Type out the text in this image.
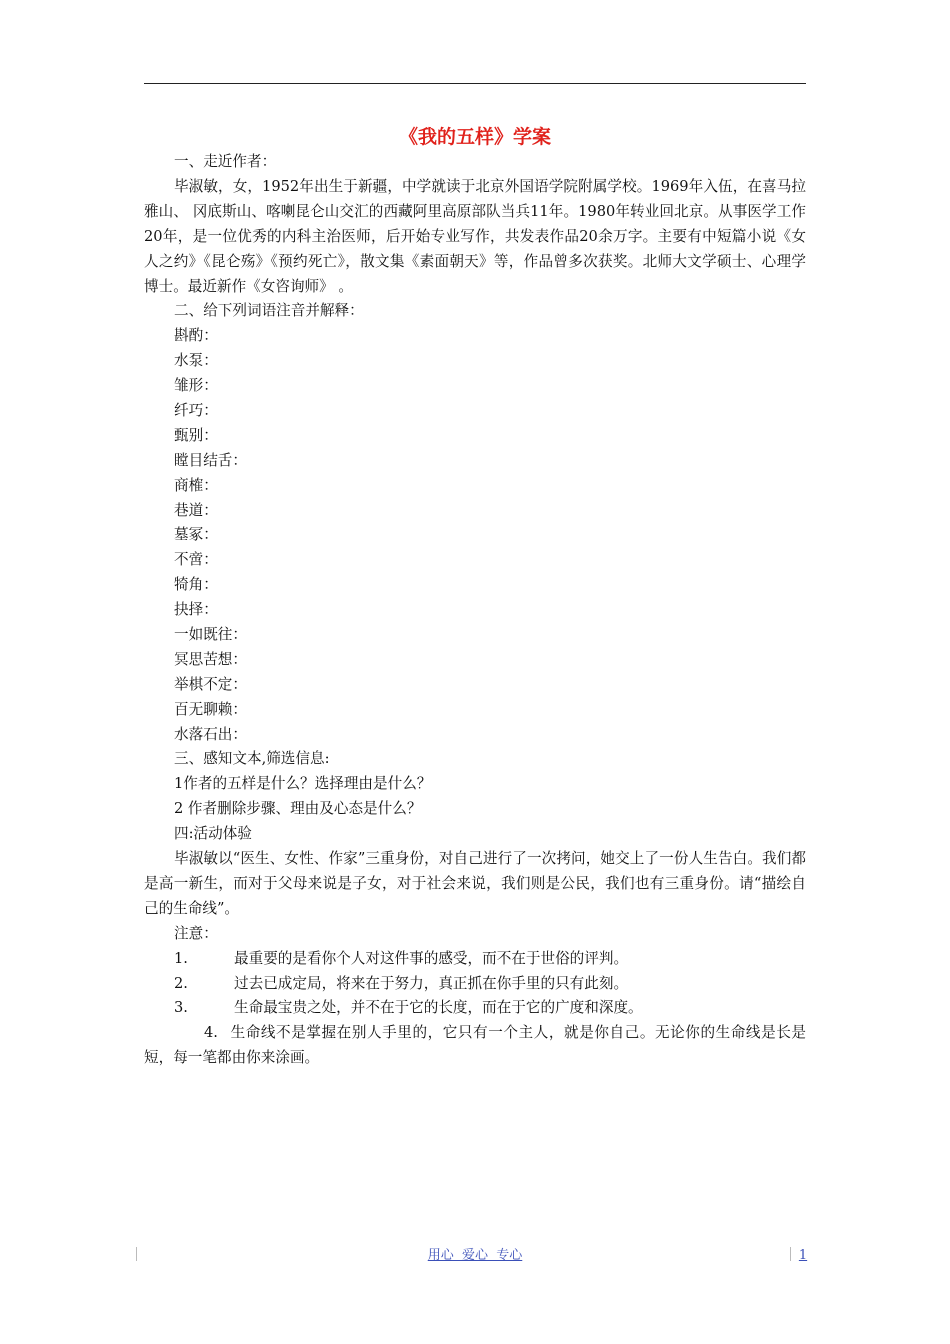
《我的五样》学案
一、走近作者：
毕淑敏，女，1952年出生于新疆，中学就读于北京外国语学院附属学校。1969年入伍，在喜马拉雅山、 冈底斯山、喀喇昆仑山交汇的西藏阿里高原部队当兵11年。1980年转业回北京。从事医学工作20年，是一位优秀的内科主治医师，后开始专业写作，共发表作品20余万字。主要有中短篇小说《女人之约》《昆仑殇》《预约死亡》，散文集《素面朝天》等，作品曾多次获奖。北师大文学硕士、心理学博士。最近新作《女咨询师》 。
二、给下列词语注音并解释：
斟酌：
水泵：
雏形：
纤巧：
甄别：
瞠目结舌：
商榷：
巷道：
墓冢：
不啻：
犄角：
抉择：
一如既往：
冥思苦想：
举棋不定：
百无聊赖：
水落石出：
三、感知文本,筛选信息:
1作者的五样是什么？选择理由是什么？
2 作者删除步骤、理由及心态是什么？
四:活动体验
毕淑敏以“医生、女性、作家”三重身份，对自己进行了一次拷问，她交上了一份人生告白。我们都是高一新生，而对于父母来说是子女，对于社会来说，我们则是公民，我们也有三重身份。请“描绘自己的生命线”。
注意：
1.	最重要的是看你个人对这件事的感受，而不在于世俗的评判。
2.	过去已成定局，将来在于努力，真正抓在你手里的只有此刻。
3.	生命最宝贵之处，并不在于它的长度，而在于它的广度和深度。
4. 生命线不是掌握在别人手里的，它只有一个主人，就是你自己。无论你的生命线是长是短，每一笔都由你来涂画。
用心  爱心  专心	1
